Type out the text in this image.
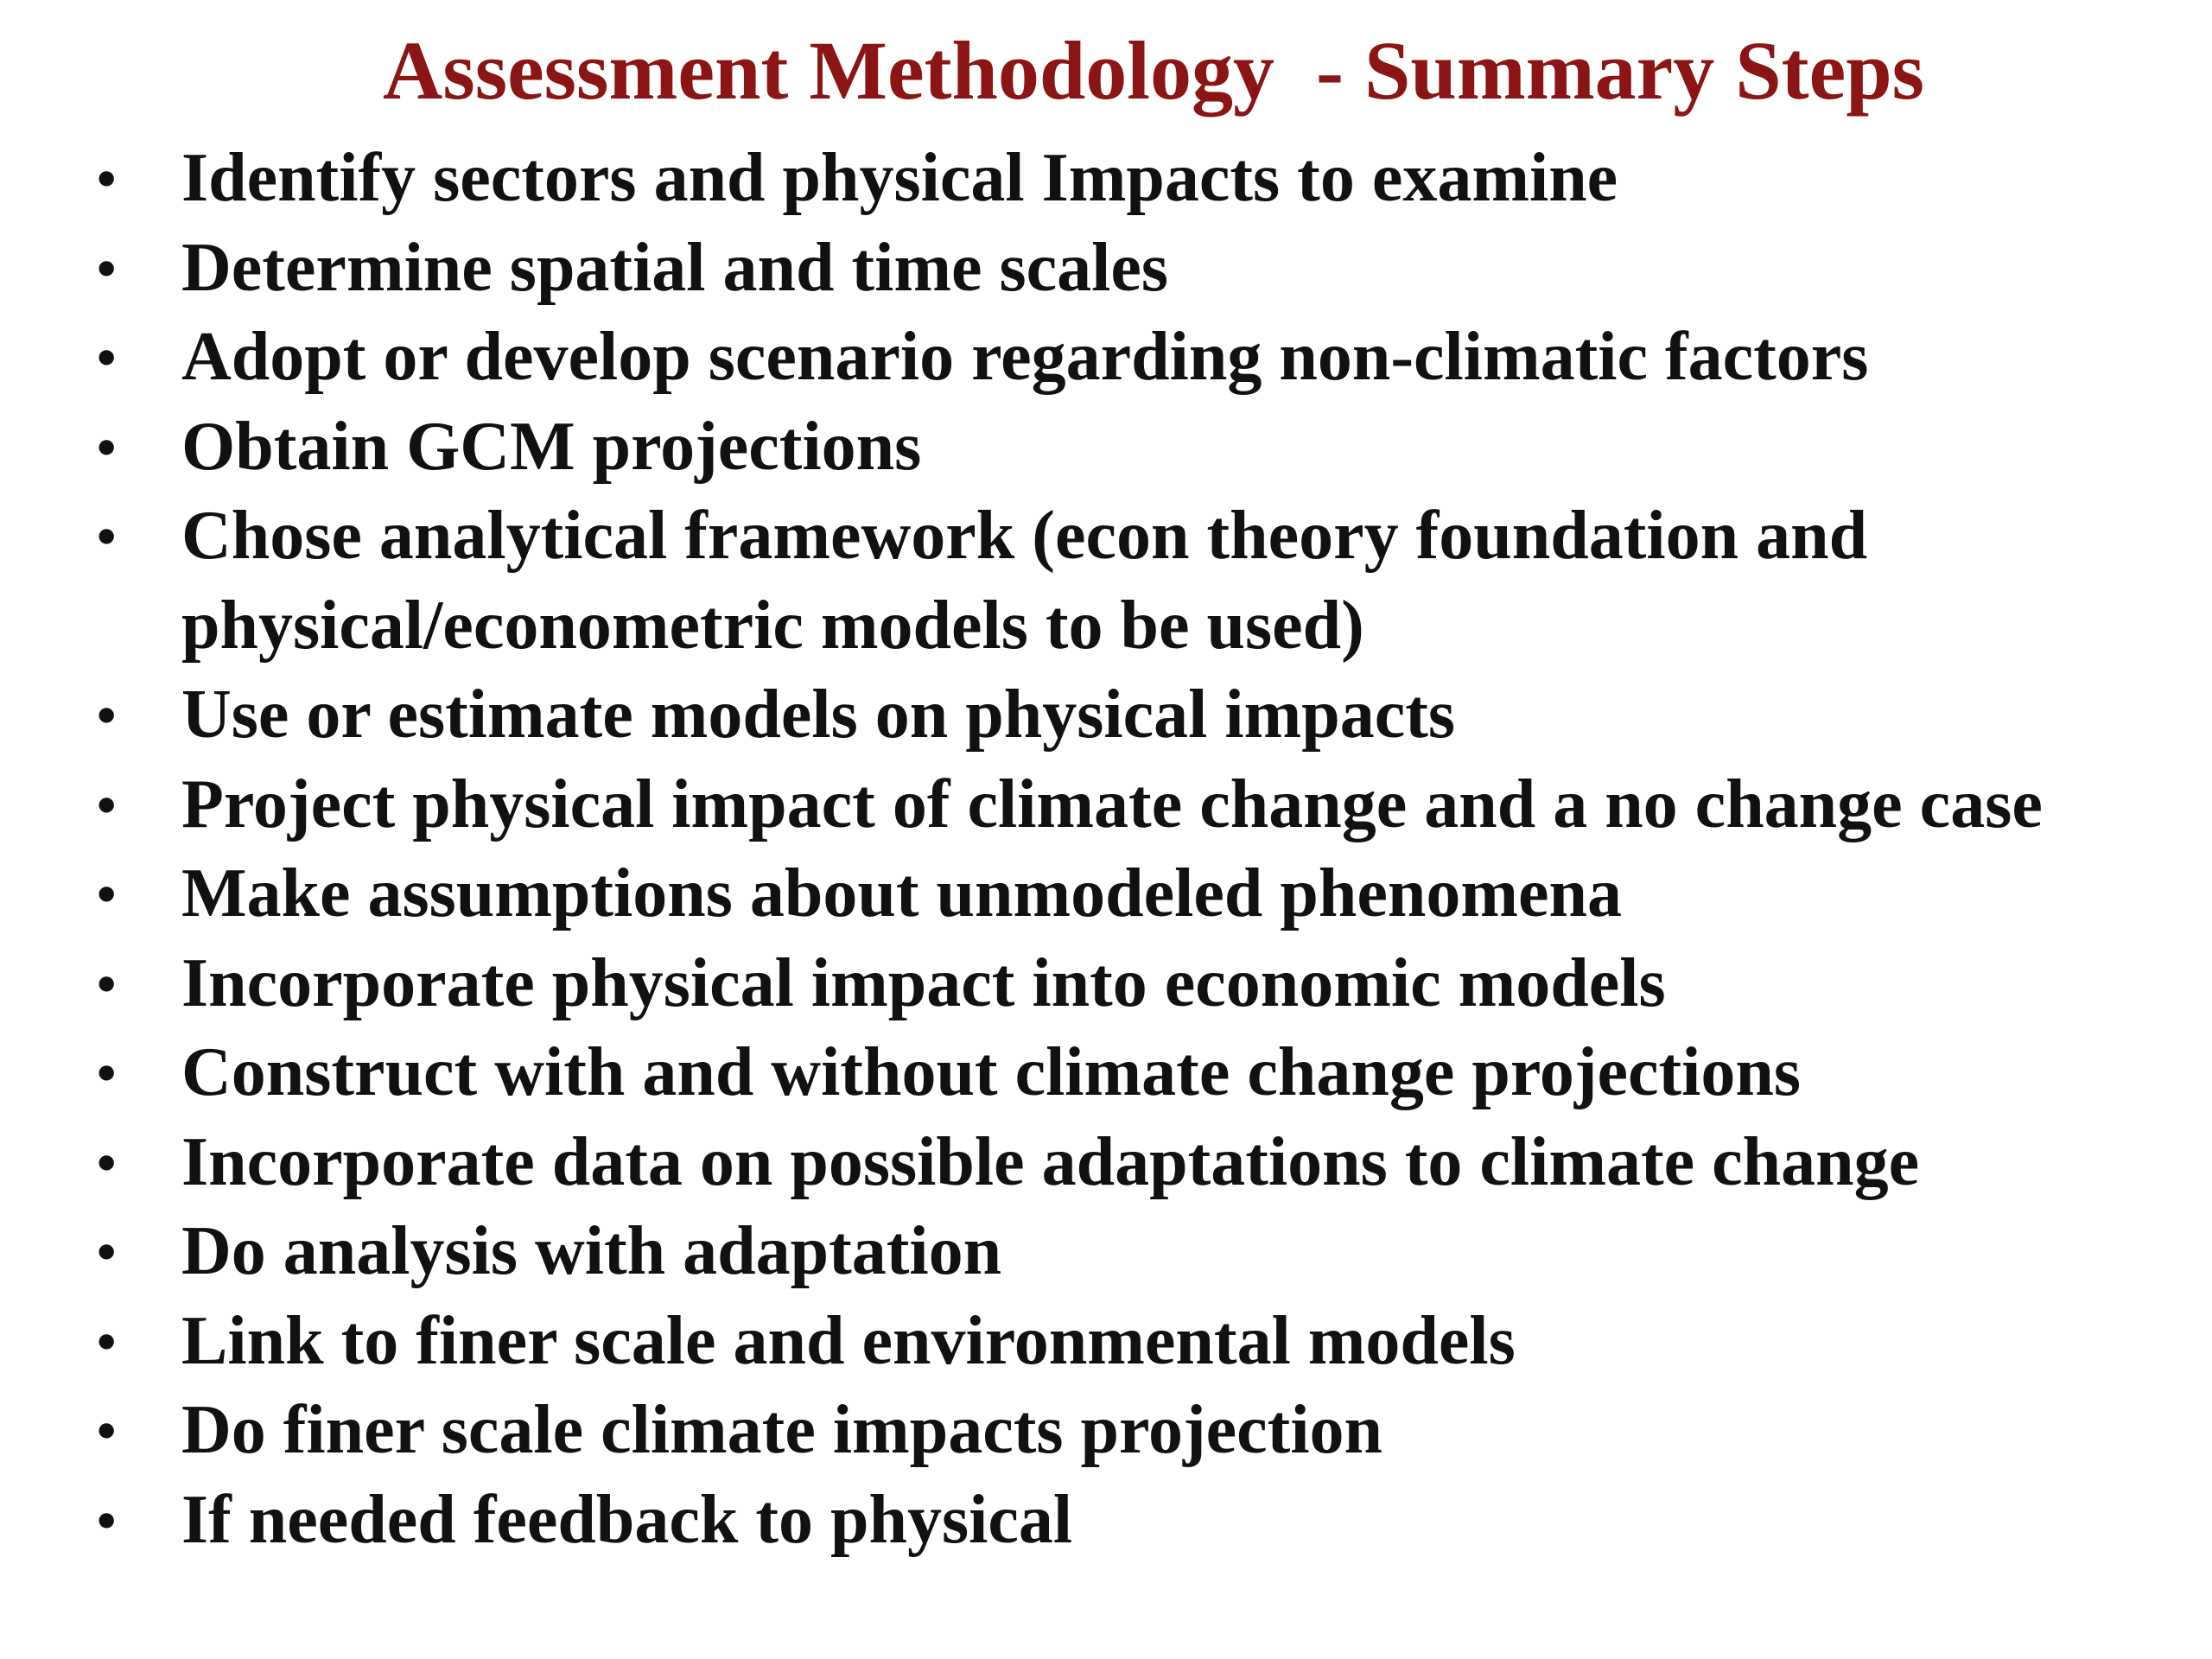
Assessment Methodology  - Summary Steps
• Identify sectors and physical Impacts to examine
• Determine spatial and time scales
• Adopt or develop scenario regarding non-climatic factors
• Obtain GCM projections
• Chose analytical framework (econ theory foundation and physical/econometric models to be used)
• Use or estimate models on physical impacts
• Project physical impact of climate change and a no change case
• Make assumptions about unmodeled phenomena
• Incorporate physical impact into economic models
• Construct with and without climate change projections
• Incorporate data on possible adaptations to climate change
• Do analysis with adaptation
• Link to finer scale and environmental models
• Do finer scale climate impacts projection
• If needed feedback to physical
